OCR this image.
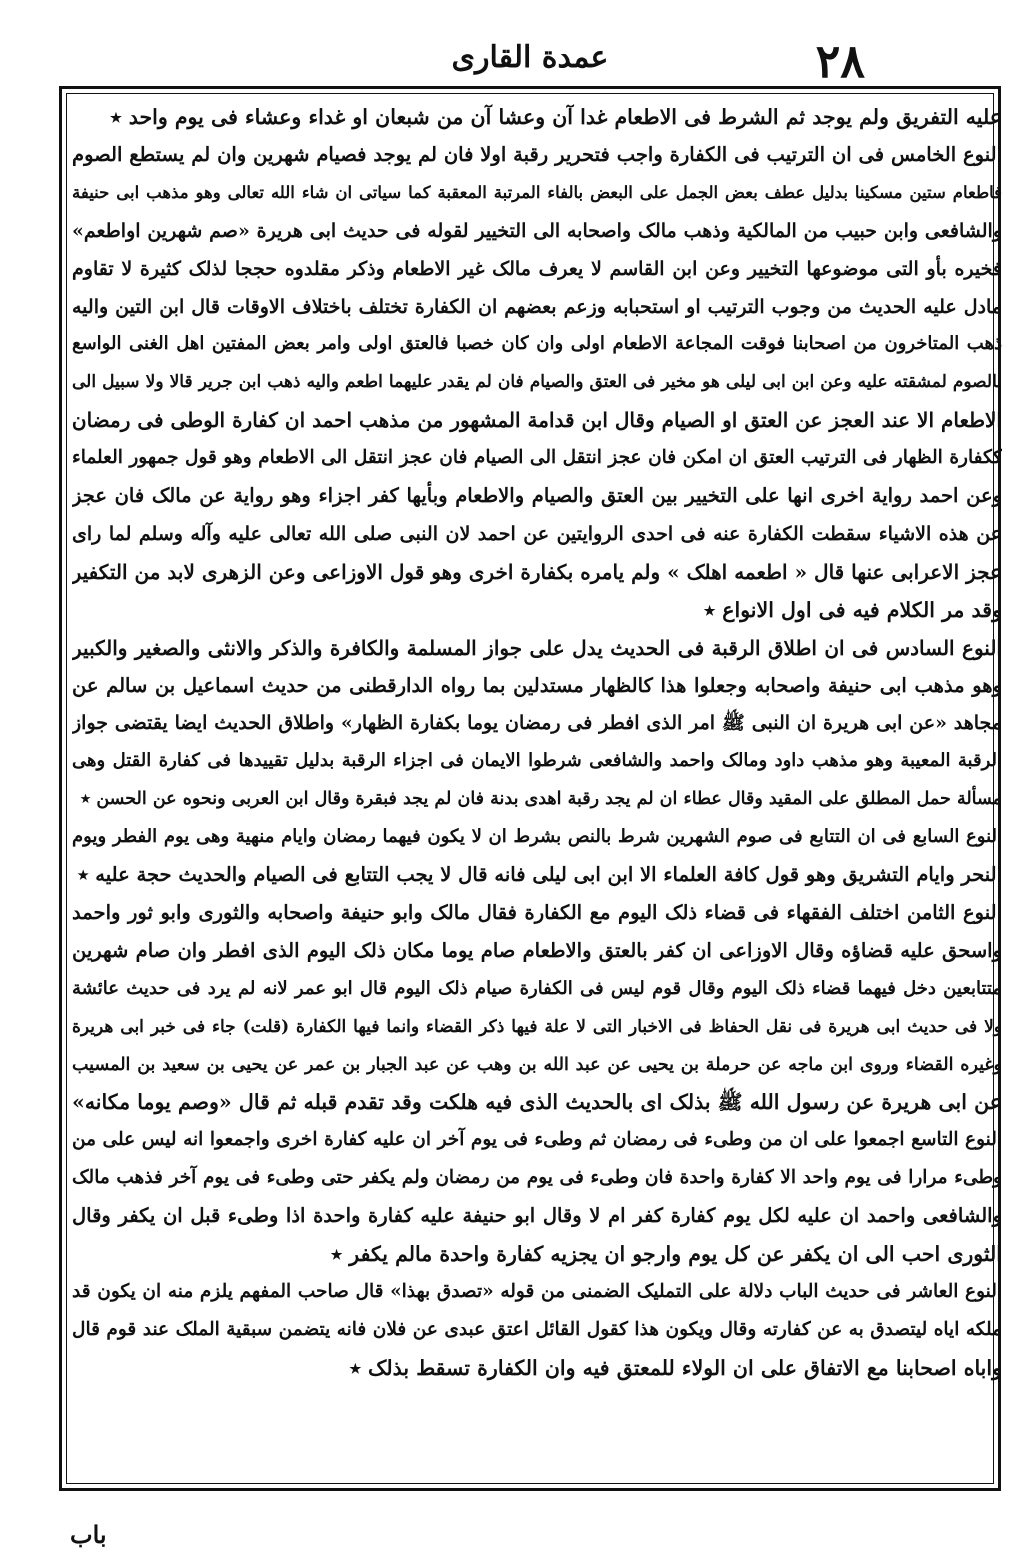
۲۸
عمدة القاری
علیه التفریق ولم یوجد ثم الشرط فی الاطعام غدا آن وعشا آن من شبعان او غداء وعشاء فی یوم واحد ٭
النوع الخامس فی ان الترتیب فی الکفارة واجب فتحریر رقبة اولا فان لم یوجد فصیام شهرین وان لم یستطع الصوم
فاطعام ستین مسکینا بدلیل عطف بعض الجمل علی البعض بالفاء المرتبة المعقبة کما سیاتی ان شاء الله تعالی وهو مذهب ابی حنیفة
والشافعی وابن حبیب من المالکیة وذهب مالک واصحابه الی التخییر لقوله فی حدیث ابی هریرة «صم شهرین اواطعم»
فخیره بأو التی موضوعها التخییر وعن ابن القاسم لا یعرف مالک غیر الاطعام وذکر مقلدوه حججا لذلک کثیرة لا تقاوم
مادل علیه الحدیث من وجوب الترتیب او استحبابه وزعم بعضهم ان الکفارة تختلف باختلاف الاوقات قال ابن التین والیه
ذهب المتاخرون من اصحابنا فوقت المجاعة الاطعام اولی وان کان خصبا فالعتق اولی وامر بعض المفتین اهل الغنی الواسع
بالصوم لمشقته علیه وعن ابن ابی لیلی هو مخیر فی العتق والصیام فان لم یقدر علیهما اطعم والیه ذهب ابن جریر قالا ولا سبیل الی
الاطعام الا عند العجز عن العتق او الصیام وقال ابن قدامة المشهور من مذهب احمد ان کفارة الوطی فی رمضان
ککفارة الظهار فی الترتیب العتق ان امکن فان عجز انتقل الی الصیام فان عجز انتقل الی الاطعام وهو قول جمهور العلماء
وعن احمد روایة اخری انها علی التخییر بین العتق والصیام والاطعام وبأیها کفر اجزاء وهو روایة عن مالک فان عجز
عن هذه الاشیاء سقطت الکفارة عنه فی احدی الروایتین عن احمد لان النبی صلی الله تعالی علیه وآله وسلم لما رای
عجز الاعرابی عنها قال « اطعمه اهلک » ولم یامره بکفارة اخری وهو قول الاوزاعی وعن الزهری لابد من التکفیر
وقد مر الکلام فیه فی اول الانواع ٭
النوع السادس فی ان اطلاق الرقبة فی الحدیث یدل علی جواز المسلمة والکافرة والذکر والانثی والصغیر والکبیر
وهو مذهب ابی حنیفة واصحابه وجعلوا هذا کالظهار مستدلین بما رواه الدارقطنی من حدیث اسماعیل بن سالم عن
مجاهد «عن ابی هریرة ان النبی ﷺ امر الذی افطر فی رمضان یوما بکفارة الظهار» واطلاق الحدیث ایضا یقتضی جواز
الرقبة المعیبة وهو مذهب داود ومالک واحمد والشافعی شرطوا الایمان فی اجزاء الرقبة بدلیل تقییدها فی کفارة القتل وهی
مسألة حمل المطلق علی المقید وقال عطاء ان لم یجد رقبة اهدی بدنة فان لم یجد فبقرة وقال ابن العربی ونحوه عن الحسن ٭
النوع السابع فی ان التتابع فی صوم الشهرین شرط بالنص بشرط ان لا یکون فیهما رمضان وایام منهیة وهی یوم الفطر ویوم
النحر وایام التشریق وهو قول کافة العلماء الا ابن ابی لیلی فانه قال لا یجب التتابع فی الصیام والحدیث حجة علیه ٭
النوع الثامن اختلف الفقهاء فی قضاء ذلک الیوم مع الکفارة فقال مالک وابو حنیفة واصحابه والثوری وابو ثور واحمد
واسحق علیه قضاؤه وقال الاوزاعی ان کفر بالعتق والاطعام صام یوما مکان ذلک الیوم الذی افطر وان صام شهرین
متتابعین دخل فیهما قضاء ذلک الیوم وقال قوم لیس فی الکفارة صیام ذلک الیوم قال ابو عمر لانه لم یرد فی حدیث عائشة
ولا فی حدیث ابی هریرة فی نقل الحفاظ فی الاخبار التی لا علة فیها ذکر القضاء وانما فیها الکفارة (قلت) جاء فی خبر ابی هریرة
وغیره القضاء وروی ابن ماجه عن حرملة بن یحیی عن عبد الله بن وهب عن عبد الجبار بن عمر عن یحیی بن سعید بن المسیب
عن ابی هریرة عن رسول الله ﷺ بذلک ای بالحدیث الذی فیه هلکت وقد تقدم قبله ثم قال «وصم یوما مکانه»
النوع التاسع اجمعوا علی ان من وطیء فی رمضان ثم وطیء فی یوم آخر ان علیه کفارة اخری واجمعوا انه لیس علی من
وطیء مرارا فی یوم واحد الا کفارة واحدة فان وطیء فی یوم من رمضان ولم یکفر حتی وطیء فی یوم آخر فذهب مالک
والشافعی واحمد ان علیه لکل یوم کفارة کفر ام لا وقال ابو حنیفة علیه کفارة واحدة اذا وطیء قبل ان یکفر وقال
الثوری احب الی ان یکفر عن کل یوم وارجو ان یجزیه کفارة واحدة مالم یکفر ٭
النوع العاشر فی حدیث الباب دلالة علی التملیک الضمنی من قوله «تصدق بهذا» قال صاحب المفهم یلزم منه ان یکون قد
ملکه ایاه لیتصدق به عن کفارته وقال ویکون هذا کقول القائل اعتق عبدی عن فلان فانه یتضمن سبقیة الملک عند قوم قال
واباه اصحابنا مع الاتفاق علی ان الولاء للمعتق فیه وان الکفارة تسقط بذلک ٭
باب
